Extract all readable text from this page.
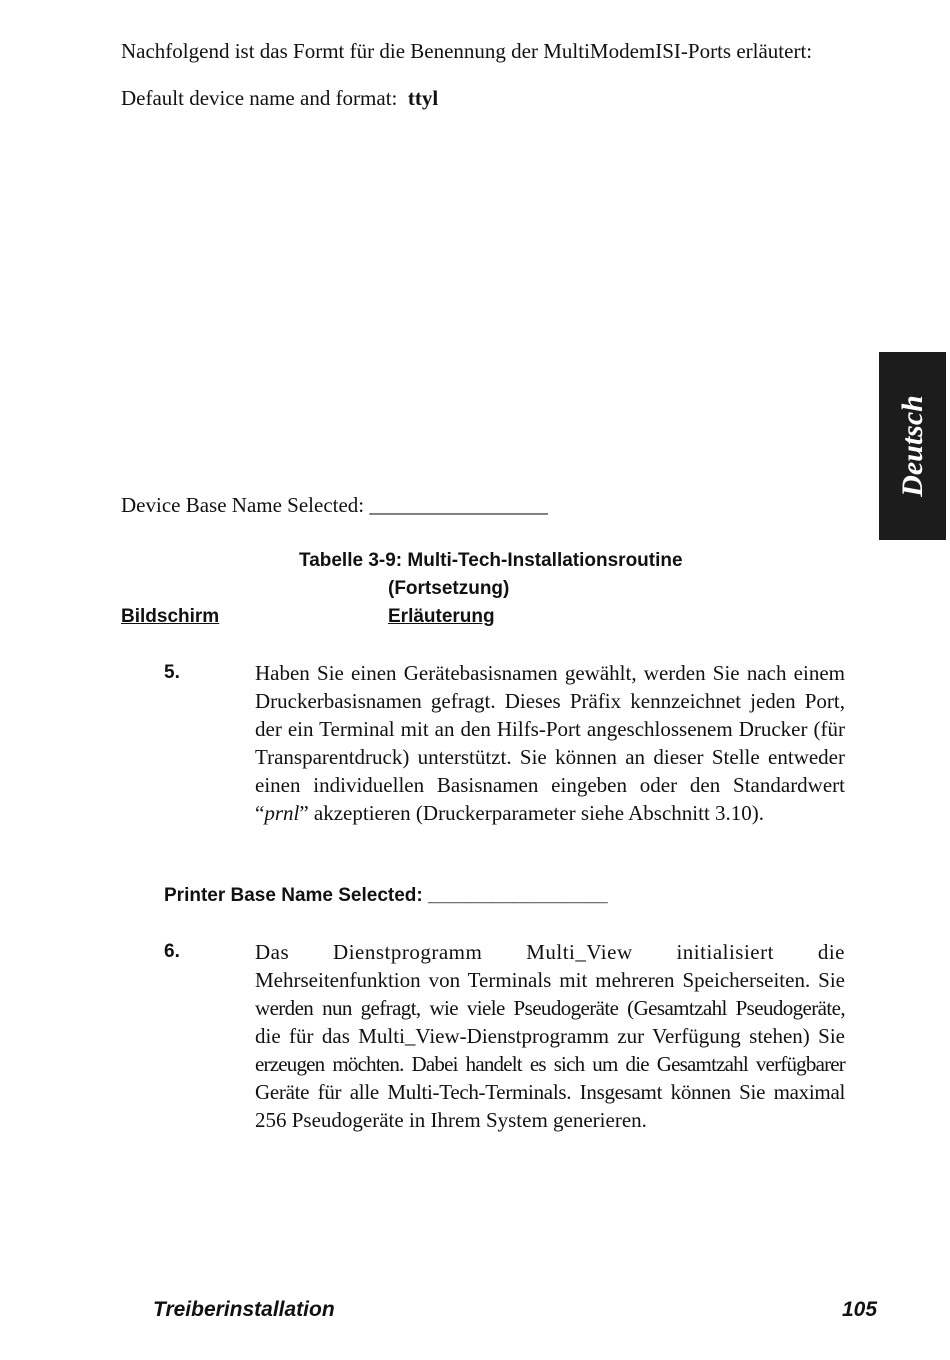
Nachfolgend ist das Formt für die Benennung der MultiModemISI-Ports erläutert:
Default device name and format: ttyl
Device Base Name Selected: _________________
Tabelle 3-9: Multi-Tech-Installationsroutine
(Fortsetzung)
Bildschirm	Erläuterung
5.	Haben Sie einen Gerätebasisnamen gewählt, werden Sie nach einem
Druckerbasisnamen gefragt. Dieses Präfix kennzeichnet jeden Port,
der ein Terminal mit an den Hilfs-Port angeschlossenem Drucker (für
Transparentdruck) unterstützt. Sie können an dieser Stelle entweder
einen individuellen Basisnamen eingeben oder den Standardwert
“prnl” akzeptieren (Druckerparameter siehe Abschnitt 3.10).
Printer Base Name Selected: _________________
6.	Das Dienstprogramm Multi_View initialisiert die
Mehrseitenfunktion von Terminals mit mehreren Speicherseiten. Sie
werden nun gefragt, wie viele Pseudogeräte (Gesamtzahl Pseudogeräte,
die für das Multi_View-Dienstprogramm zur Verfügung stehen) Sie
erzeugen möchten. Dabei handelt es sich um die Gesamtzahl verfügbarer
Geräte für alle Multi-Tech-Terminals. Insgesamt können Sie maximal
256 Pseudogeräte in Ihrem System generieren.
Deutsch
Treiberinstallation	105
